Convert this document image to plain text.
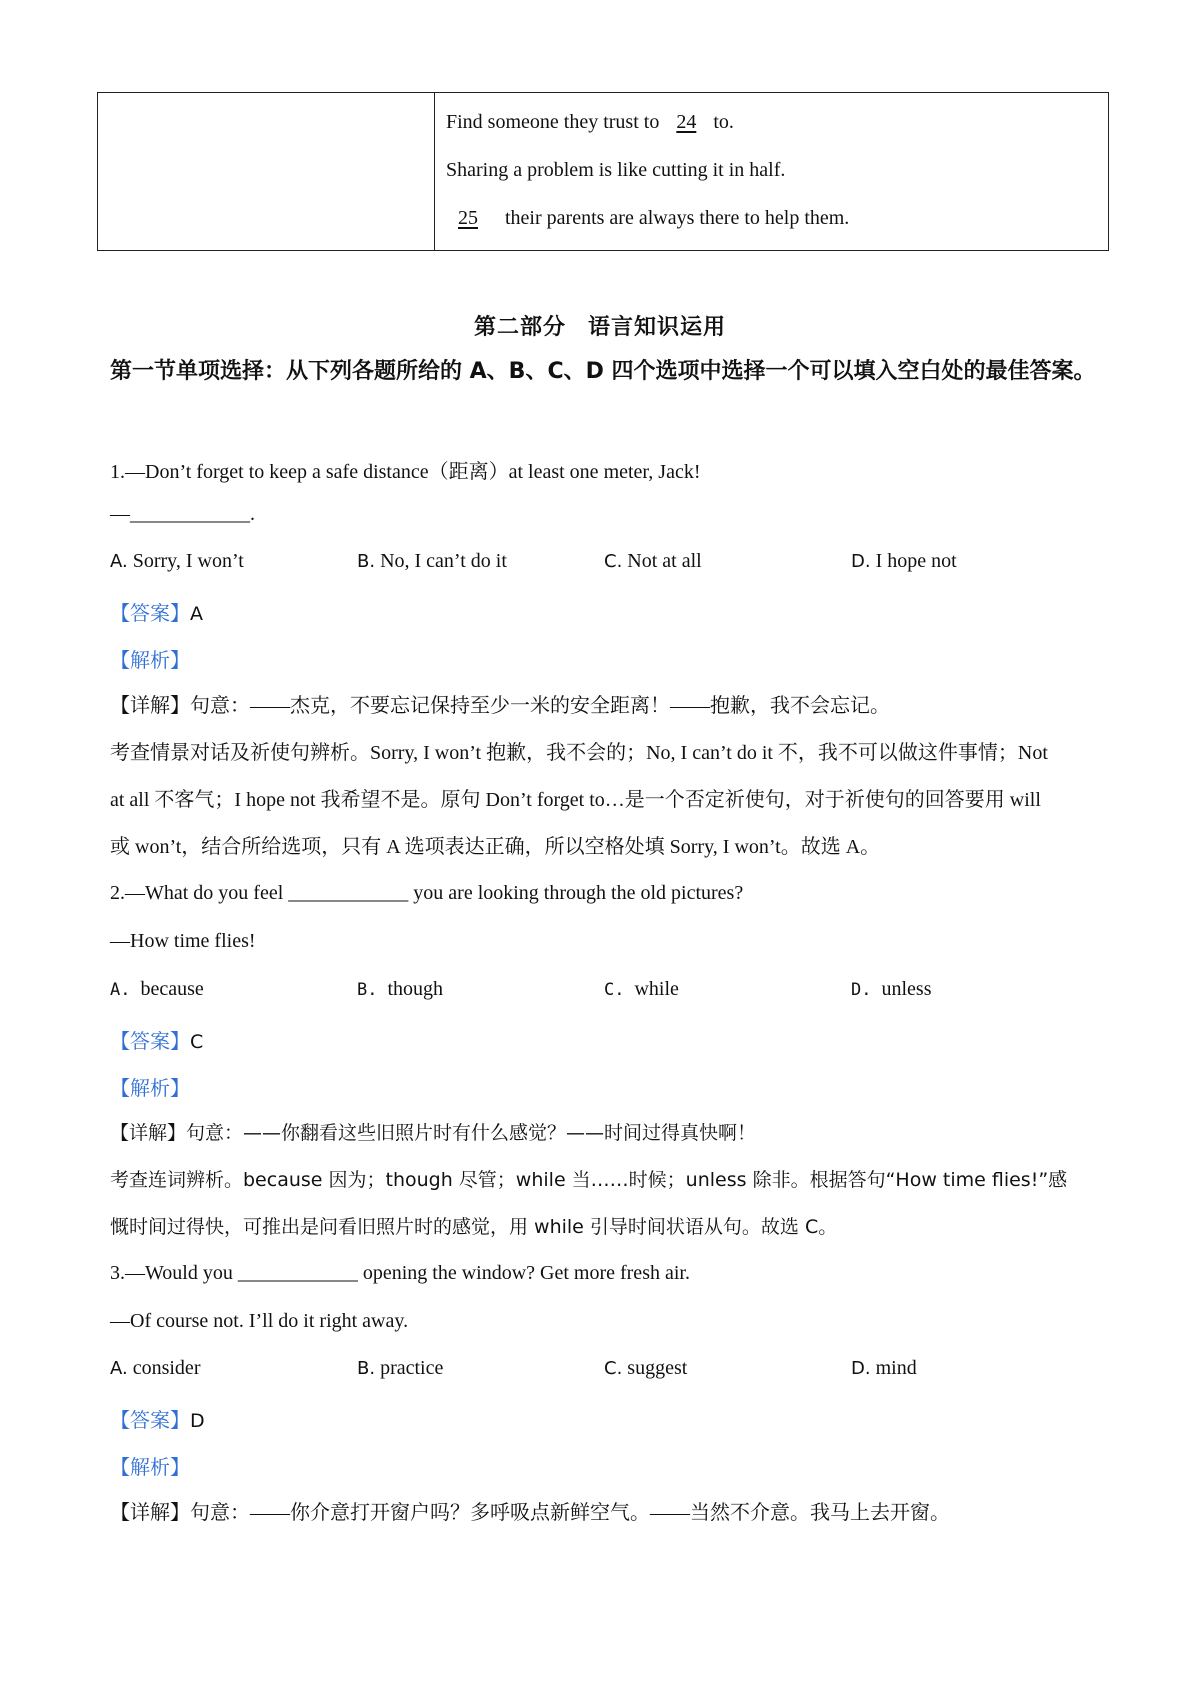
Find someone they trust to 24 to.
Sharing a problem is like cutting it in half.
25 their parents are always there to help them.
第二部分 语言知识运用
第一节单项选择：从下列各题所给的 A、B、C、D 四个选项中选择一个可以填入空白处的最佳答案。
1.—Don’t forget to keep a safe distance（距离）at least one meter, Jack!
—____________.
A. Sorry, I won’t	B. No, I can’t do it	C. Not at all	D. I hope not
【答案】A
【解析】
【详解】句意：——杰克，不要忘记保持至少一米的安全距离！——抱歉，我不会忘记。
考查情景对话及祈使句辨析。Sorry, I won’t 抱歉，我不会的；No, I can’t do it 不，我不可以做这件事情；Not
at all 不客气；I hope not 我希望不是。原句 Don’t forget to…是一个否定祈使句，对于祈使句的回答要用 will
或 won’t，结合所给选项，只有 A 选项表达正确，所以空格处填 Sorry, I won’t。故选 A。
2.—What do you feel ____________ you are looking through the old pictures?
—How time flies!
A. because	B. though	C. while	D. unless
【答案】C
【解析】
【详解】句意：——你翻看这些旧照片时有什么感觉？——时间过得真快啊！
考查连词辨析。because 因为；though 尽管；while 当……时候；unless 除非。根据答句“How time flies!”感
慨时间过得快，可推出是问看旧照片时的感觉，用 while 引导时间状语从句。故选 C。
3.—Would you ____________ opening the window? Get more fresh air.
—Of course not. I’ll do it right away.
A. consider	B. practice	C. suggest	D. mind
【答案】D
【解析】
【详解】句意：——你介意打开窗户吗？多呼吸点新鲜空气。——当然不介意。我马上去开窗。
